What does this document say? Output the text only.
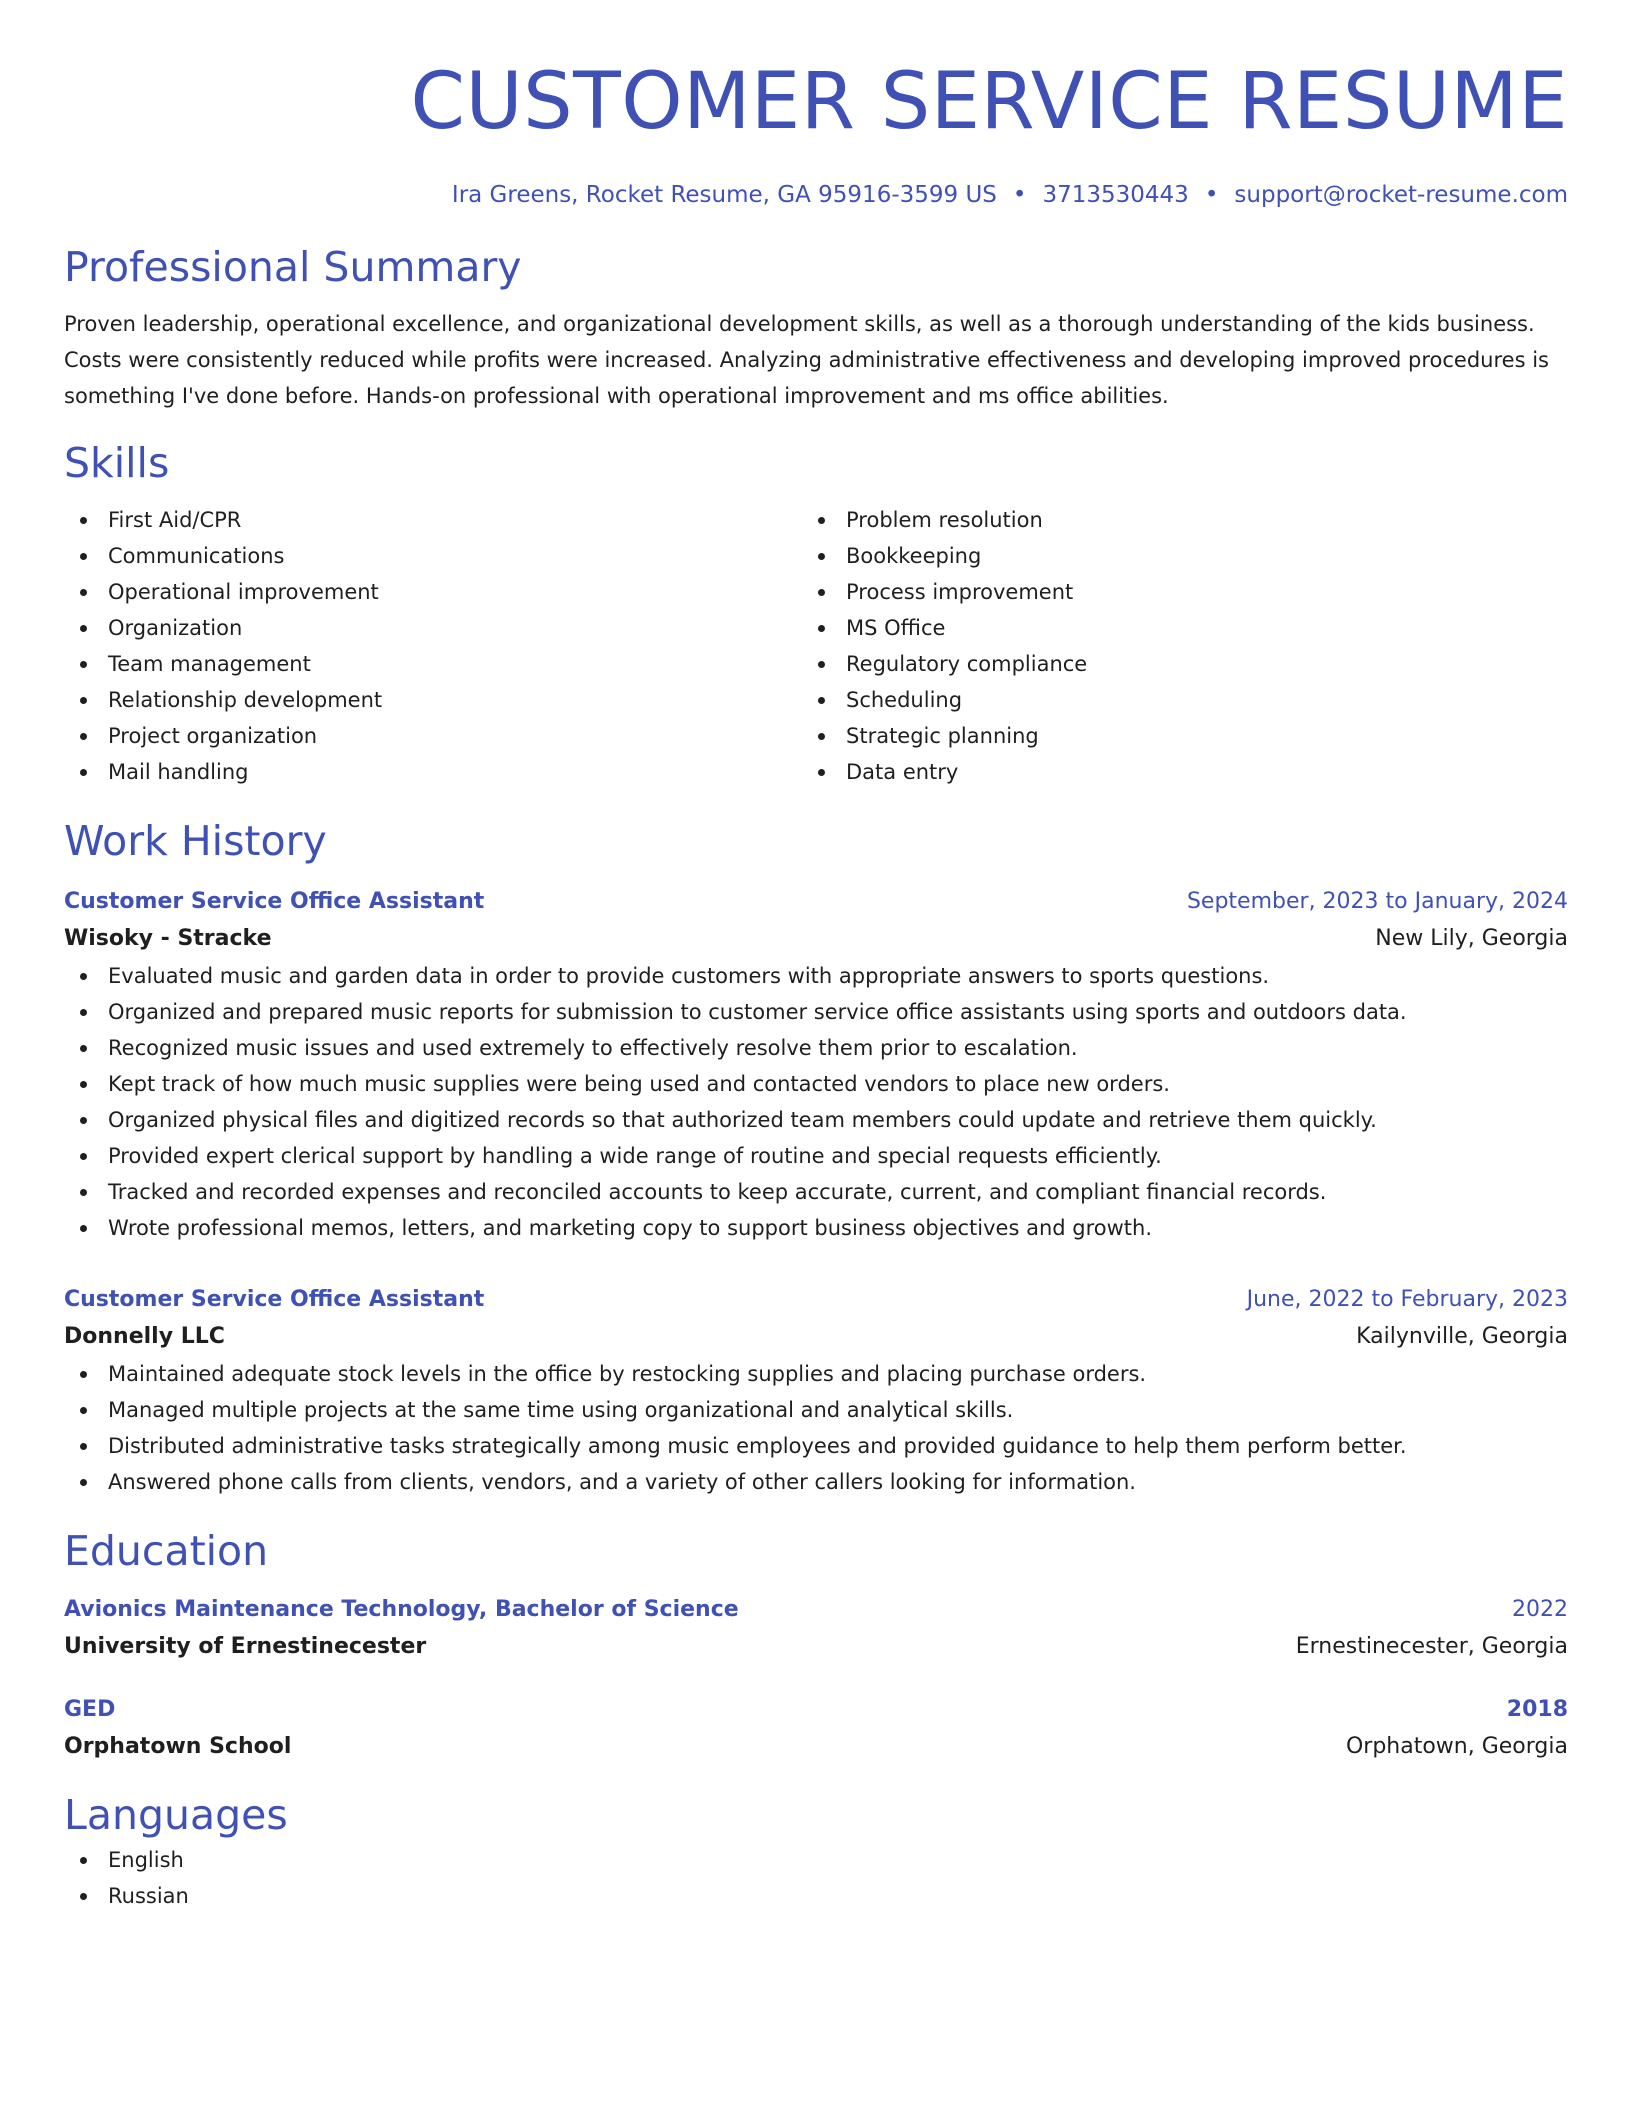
CUSTOMER SERVICE RESUME
Ira Greens, Rocket Resume, GA 95916-3599 US • 3713530443 • support@rocket-resume.com
Professional Summary
Proven leadership, operational excellence, and organizational development skills, as well as a thorough understanding of the kids business. Costs were consistently reduced while profits were increased. Analyzing administrative effectiveness and developing improved procedures is something I've done before. Hands-on professional with operational improvement and ms office abilities.
Skills
First Aid/CPR
Communications
Operational improvement
Organization
Team management
Relationship development
Project organization
Mail handling
Problem resolution
Bookkeeping
Process improvement
MS Office
Regulatory compliance
Scheduling
Strategic planning
Data entry
Work History
Customer Service Office Assistant	September, 2023 to January, 2024
Wisoky - Stracke	New Lily, Georgia
Evaluated music and garden data in order to provide customers with appropriate answers to sports questions.
Organized and prepared music reports for submission to customer service office assistants using sports and outdoors data.
Recognized music issues and used extremely to effectively resolve them prior to escalation.
Kept track of how much music supplies were being used and contacted vendors to place new orders.
Organized physical files and digitized records so that authorized team members could update and retrieve them quickly.
Provided expert clerical support by handling a wide range of routine and special requests efficiently.
Tracked and recorded expenses and reconciled accounts to keep accurate, current, and compliant financial records.
Wrote professional memos, letters, and marketing copy to support business objectives and growth.
Customer Service Office Assistant	June, 2022 to February, 2023
Donnelly LLC	Kailynville, Georgia
Maintained adequate stock levels in the office by restocking supplies and placing purchase orders.
Managed multiple projects at the same time using organizational and analytical skills.
Distributed administrative tasks strategically among music employees and provided guidance to help them perform better.
Answered phone calls from clients, vendors, and a variety of other callers looking for information.
Education
Avionics Maintenance Technology, Bachelor of Science	2022
University of Ernestinecester	Ernestinecester, Georgia
GED	2018
Orphatown School	Orphatown, Georgia
Languages
English
Russian
